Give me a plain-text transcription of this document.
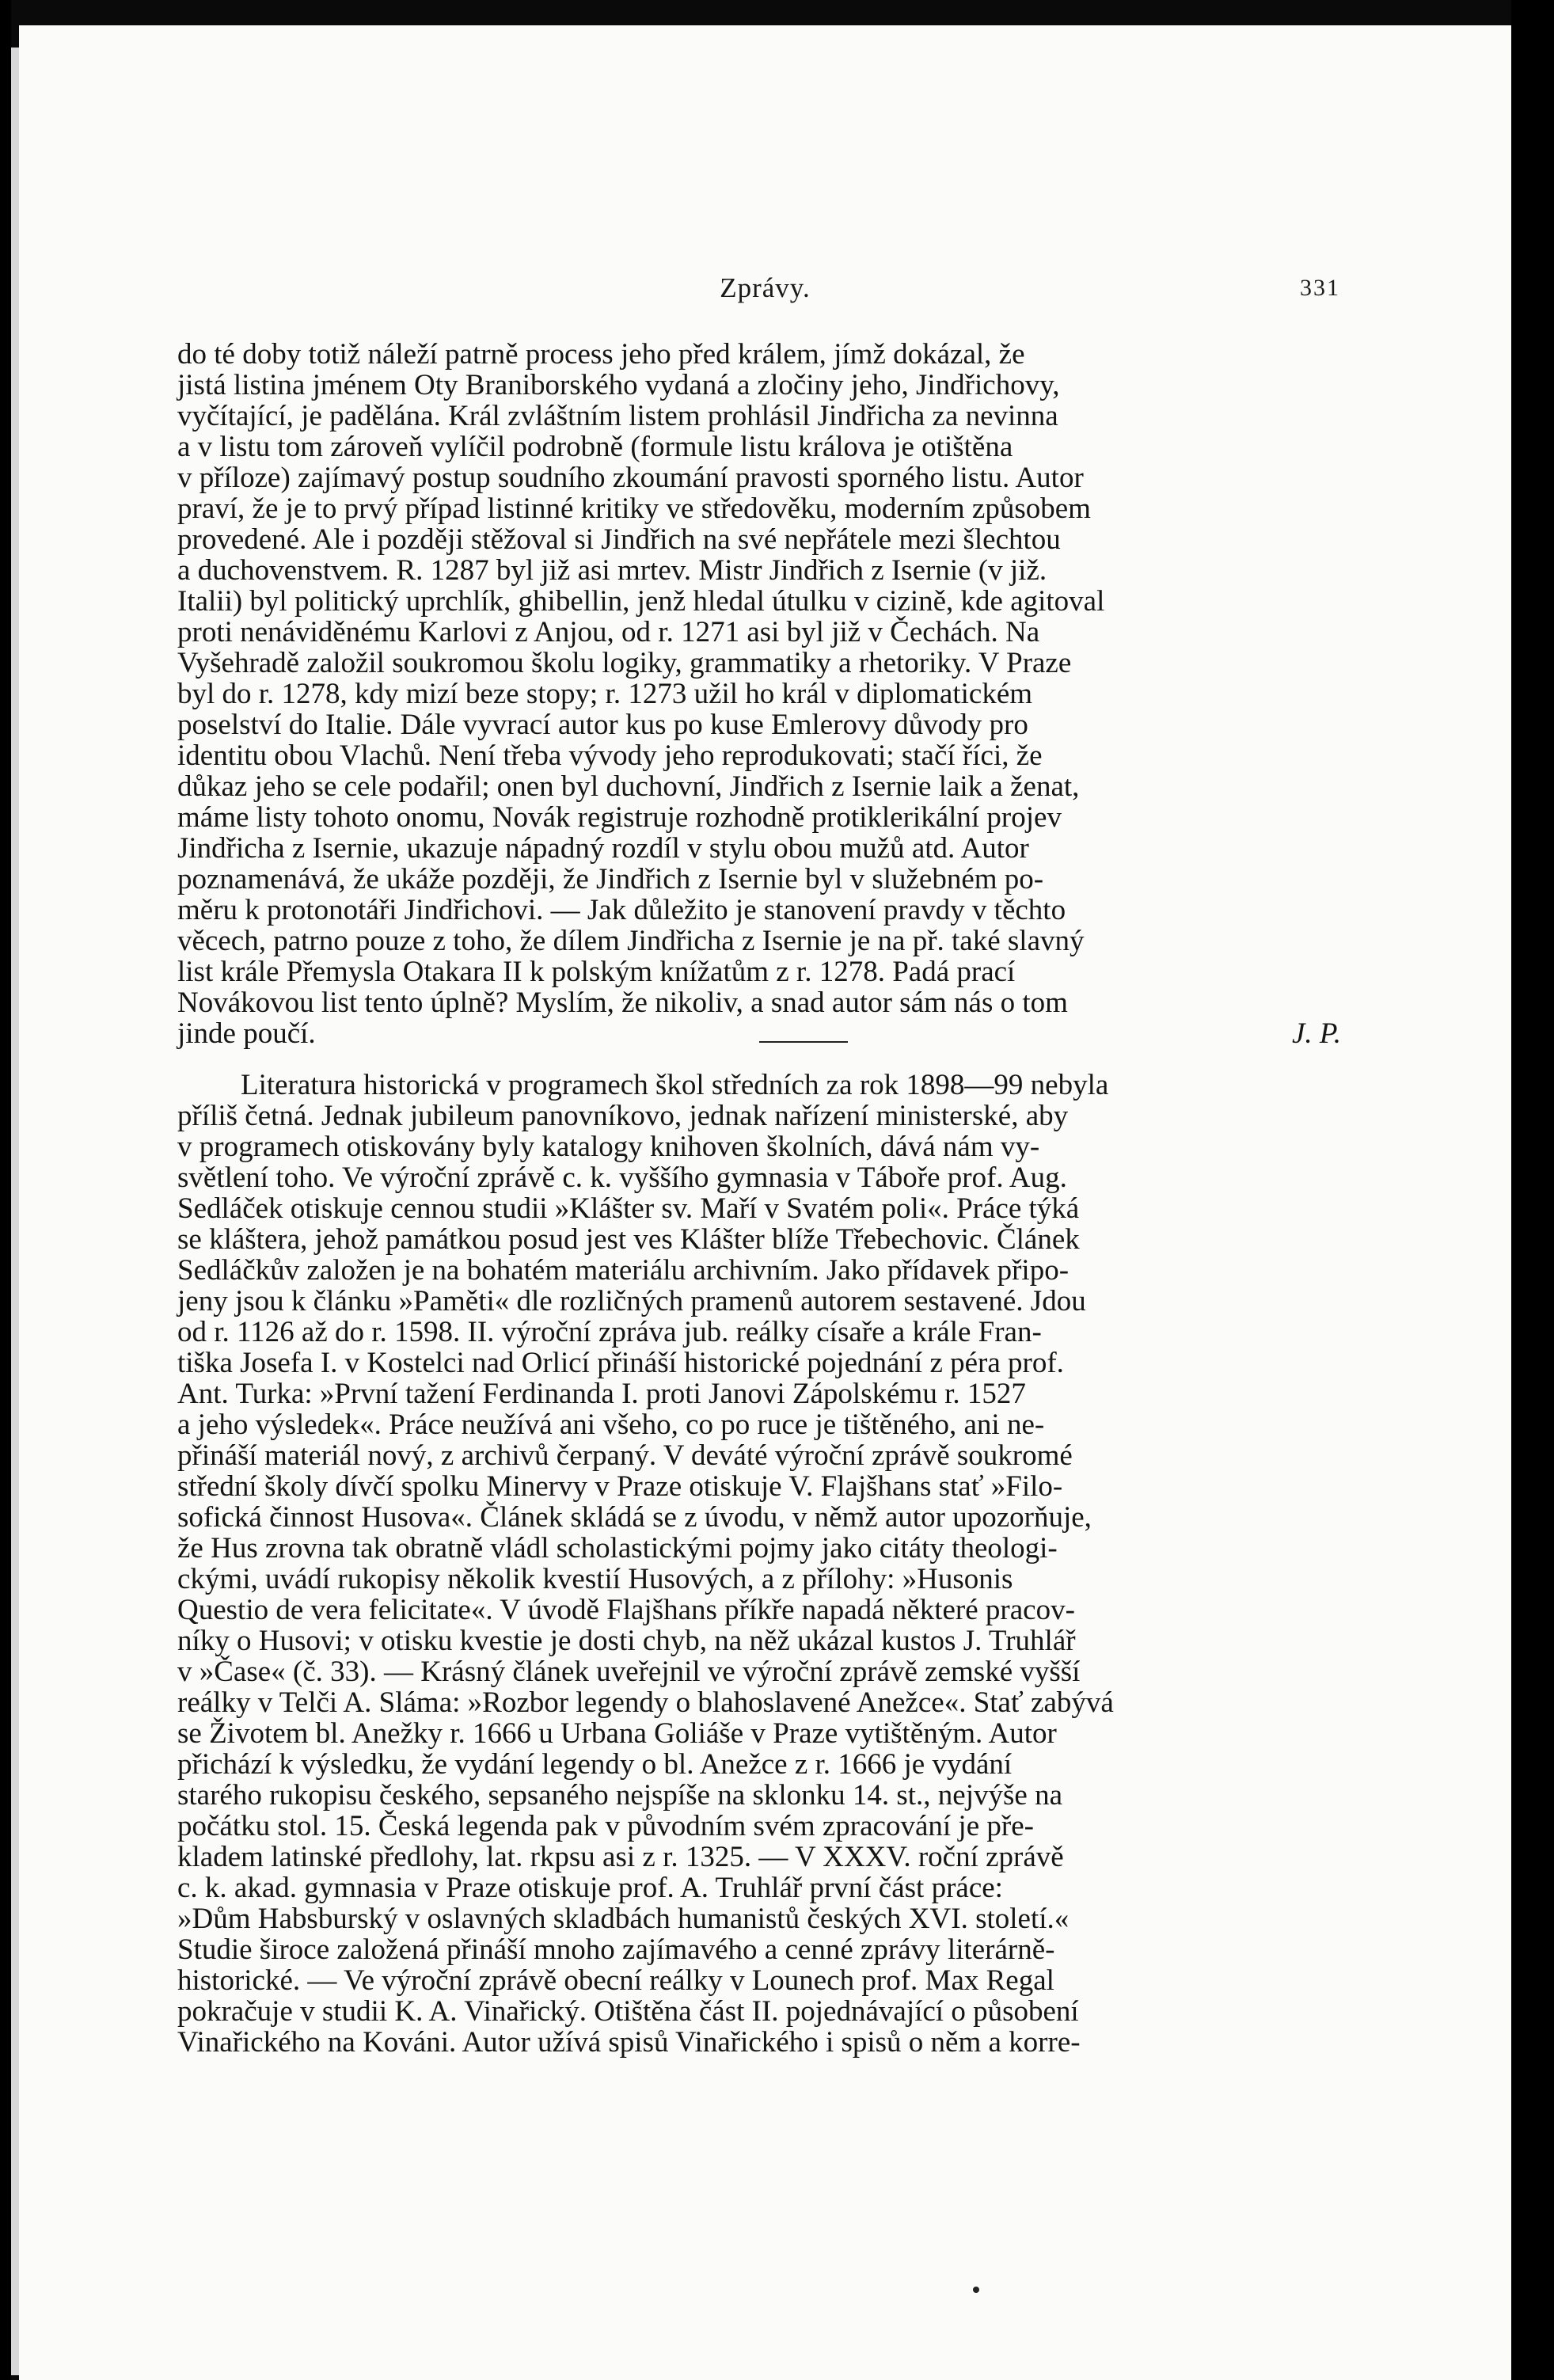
Zprávy.	331
do té doby totiž náleží patrně process jeho před králem, jímž dokázal, že
jistá listina jménem Oty Braniborského vydaná a zločiny jeho, Jindřichovy,
vyčítající, je padělána. Král zvláštním listem prohlásil Jindřicha za nevinna
a v listu tom zároveň vylíčil podrobně (formule listu králova je otištěna
v příloze) zajímavý postup soudního zkoumání pravosti sporného listu. Autor
praví, že je to prvý případ listinné kritiky ve středověku, moderním způsobem
provedené. Ale i později stěžoval si Jindřich na své nepřátele mezi šlechtou
a duchovenstvem. R. 1287 byl již asi mrtev. Mistr Jindřich z Isernie (v již.
Italii) byl politický uprchlík, ghibellin, jenž hledal útulku v cizině, kde agitoval
proti nenáviděnému Karlovi z Anjou, od r. 1271 asi byl již v Čechách. Na
Vyšehradě založil soukromou školu logiky, grammatiky a rhetoriky. V Praze
byl do r. 1278, kdy mizí beze stopy; r. 1273 užil ho král v diplomatickém
poselství do Italie. Dále vyvrací autor kus po kuse Emlerovy důvody pro
identitu obou Vlachů. Není třeba vývody jeho reprodukovati; stačí říci, že
důkaz jeho se cele podařil; onen byl duchovní, Jindřich z Isernie laik a ženat,
máme listy tohoto onomu, Novák registruje rozhodně protiklerikální projev
Jindřicha z Isernie, ukazuje nápadný rozdíl v stylu obou mužů atd. Autor
poznamenává, že ukáže později, že Jindřich z Isernie byl v služebném po-
měru k protonotáři Jindřichovi. — Jak důležito je stanovení pravdy v těchto
věcech, patrno pouze z toho, že dílem Jindřicha z Isernie je na př. také slavný
list krále Přemysla Otakara II k polským knížatům z r. 1278. Padá prací
Novákovou list tento úplně? Myslím, že nikoliv, a snad autor sám nás o tom
jinde poučí.	J. P.
Literatura historická v programech škol středních za rok 1898—99 nebyla
příliš četná. Jednak jubileum panovníkovo, jednak nařízení ministerské, aby
v programech otiskovány byly katalogy knihoven školních, dává nám vy-
světlení toho. Ve výroční zprávě c. k. vyššího gymnasia v Táboře prof. Aug.
Sedláček otiskuje cennou studii »Klášter sv. Maří v Svatém poli«. Práce týká
se kláštera, jehož památkou posud jest ves Klášter blíže Třebechovic. Článek
Sedláčkův založen je na bohatém materiálu archivním. Jako přídavek připo-
jeny jsou k článku »Paměti« dle rozličných pramenů autorem sestavené. Jdou
od r. 1126 až do r. 1598. II. výroční zpráva jub. reálky císaře a krále Fran-
tiška Josefa I. v Kostelci nad Orlicí přináší historické pojednání z péra prof.
Ant. Turka: »První tažení Ferdinanda I. proti Janovi Zápolskému r. 1527
a jeho výsledek«. Práce neužívá ani všeho, co po ruce je tištěného, ani ne-
přináší materiál nový, z archivů čerpaný. V deváté výroční zprávě soukromé
střední školy dívčí spolku Minervy v Praze otiskuje V. Flajšhans stať »Filo-
sofická činnost Husova«. Článek skládá se z úvodu, v němž autor upozorňuje,
že Hus zrovna tak obratně vládl scholastickými pojmy jako citáty theologi-
ckými, uvádí rukopisy několik kvestií Husových, a z přílohy: »Husonis
Questio de vera felicitate«. V úvodě Flajšhans příkře napadá některé pracov-
níky o Husovi; v otisku kvestie je dosti chyb, na něž ukázal kustos J. Truhlář
v »Čase« (č. 33). — Krásný článek uveřejnil ve výroční zprávě zemské vyšší
reálky v Telči A. Sláma: »Rozbor legendy o blahoslavené Anežce«. Stať zabývá
se Životem bl. Anežky r. 1666 u Urbana Goliáše v Praze vytištěným. Autor
přichází k výsledku, že vydání legendy o bl. Anežce z r. 1666 je vydání
starého rukopisu českého, sepsaného nejspíše na sklonku 14. st., nejvýše na
počátku stol. 15. Česká legenda pak v původním svém zpracování je pře-
kladem latinské předlohy, lat. rkpsu asi z r. 1325. — V XXXV. roční zprávě
c. k. akad. gymnasia v Praze otiskuje prof. A. Truhlář první část práce:
»Dům Habsburský v oslavných skladbách humanistů českých XVI. století.«
Studie široce založená přináší mnoho zajímavého a cenné zprávy literárně-
historické. — Ve výroční zprávě obecní reálky v Lounech prof. Max Regal
pokračuje v studii K. A. Vinařický. Otištěna část II. pojednávající o působení
Vinařického na Kováni. Autor užívá spisů Vinařického i spisů o něm a korre-
